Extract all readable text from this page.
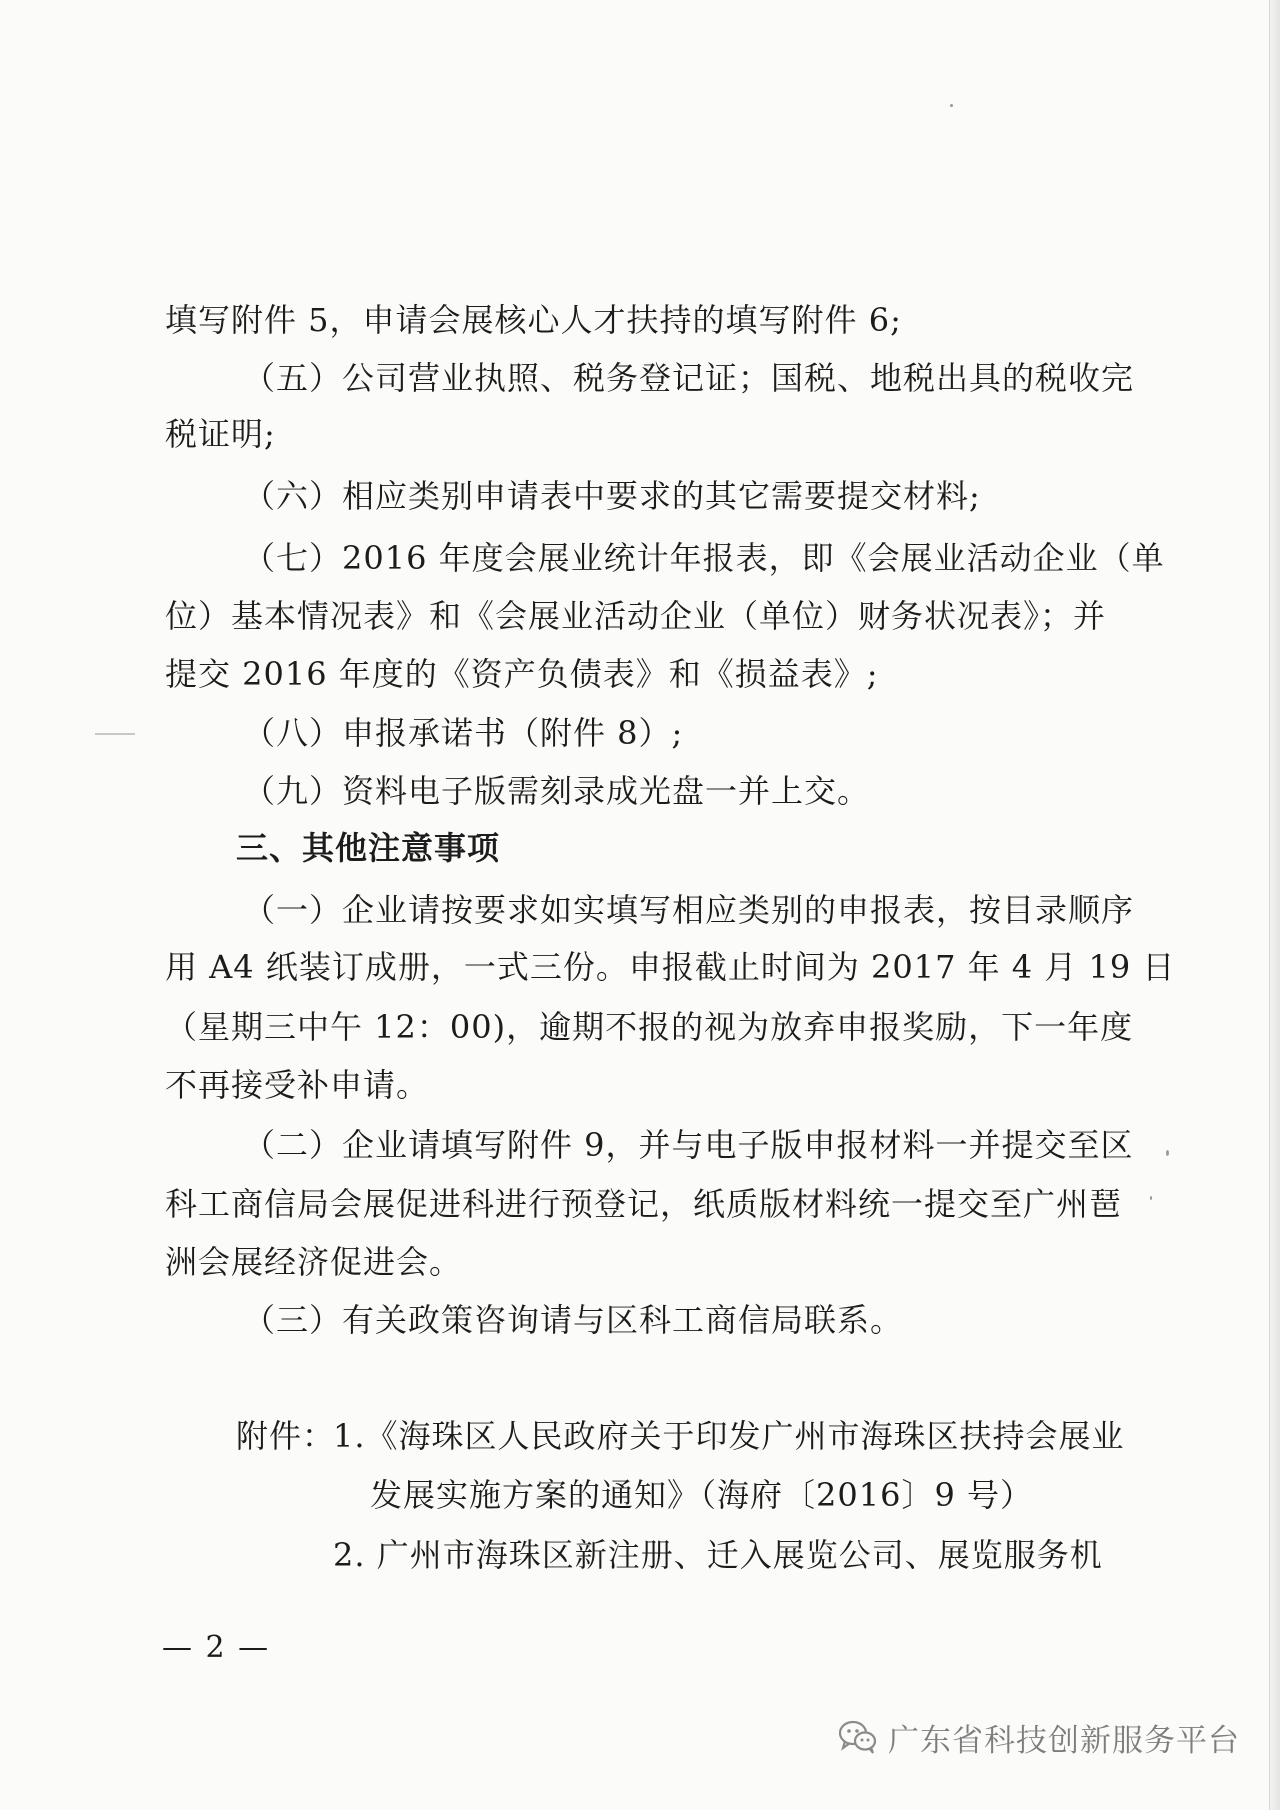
填写附件 5，申请会展核心人才扶持的填写附件 6;
（五）公司营业执照、税务登记证；国税、地税出具的税收完
税证明;
（六）相应类别申请表中要求的其它需要提交材料;
（七）2016 年度会展业统计年报表，即《会展业活动企业（单
位）基本情况表》和《会展业活动企业（单位）财务状况表》；并
提交 2016 年度的《资产负债表》和《损益表》;
（八）申报承诺书（附件 8）;
（九）资料电子版需刻录成光盘一并上交。
三、其他注意事项
（一）企业请按要求如实填写相应类别的申报表，按目录顺序
用 A4 纸装订成册，一式三份。申报截止时间为 2017 年 4 月 19 日
（星期三中午 12：00)，逾期不报的视为放弃申报奖励，下一年度
不再接受补申请。
（二）企业请填写附件 9，并与电子版申报材料一并提交至区
科工商信局会展促进科进行预登记，纸质版材料统一提交至广州琶
洲会展经济促进会。
（三）有关政策咨询请与区科工商信局联系。
附件：
1.《海珠区人民政府关于印发广州市海珠区扶持会展业
发展实施方案的通知》（海府〔2016〕9 号）
2. 广州市海珠区新注册、迁入展览公司、展览服务机
— 2 —
广东省科技创新服务平台
